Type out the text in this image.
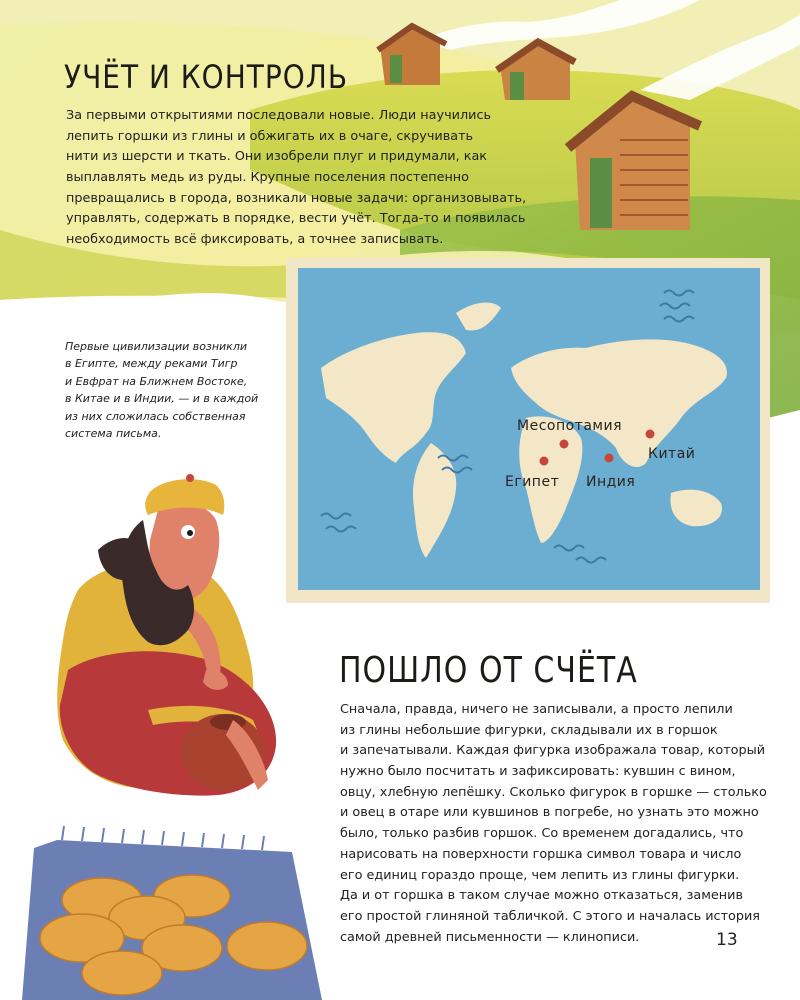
Месопотамия
Египет Индия
Китай
УЧЁТ И КОНТРОЛЬ
За первыми открытиями последовали новые. Люди научились
лепить горшки из глины и обжигать их в очаге, скручивать
нити из шерсти и ткать. Они изобрели плуг и придумали, как
выплавлять медь из руды. Крупные поселения постепенно
превращались в города, возникали новые задачи: организовывать,
управлять, содержать в порядке, вести учёт. Тогда-то и появилась
необходимость всё фиксировать, а точнее записывать.
Первые цивилизации возникли
в Египте, между реками Тигр
и Евфрат на Ближнем Востоке,
в Китае и в Индии, — и в каждой
из них сложилась собственная
система письма.
ПОШЛО ОТ СЧЁТА
Сначала, правда, ничего не записывали, а просто лепили
из глины небольшие фигурки, складывали их в горшок
и запечатывали. Каждая фигурка изображала товар, который
нужно было посчитать и зафиксировать: кувшин с вином,
овцу, хлебную лепёшку. Сколько фигурок в горшке — столько
и овец в отаре или кувшинов в погребе, но узнать это можно
было, только разбив горшок. Со временем догадались, что
нарисовать на поверхности горшка символ товара и число
его единиц гораздо проще, чем лепить из глины фигурки.
Да и от горшка в таком случае можно отказаться, заменив
его простой глиняной табличкой. С этого и началась история
самой древней письменности — клинописи.	13
